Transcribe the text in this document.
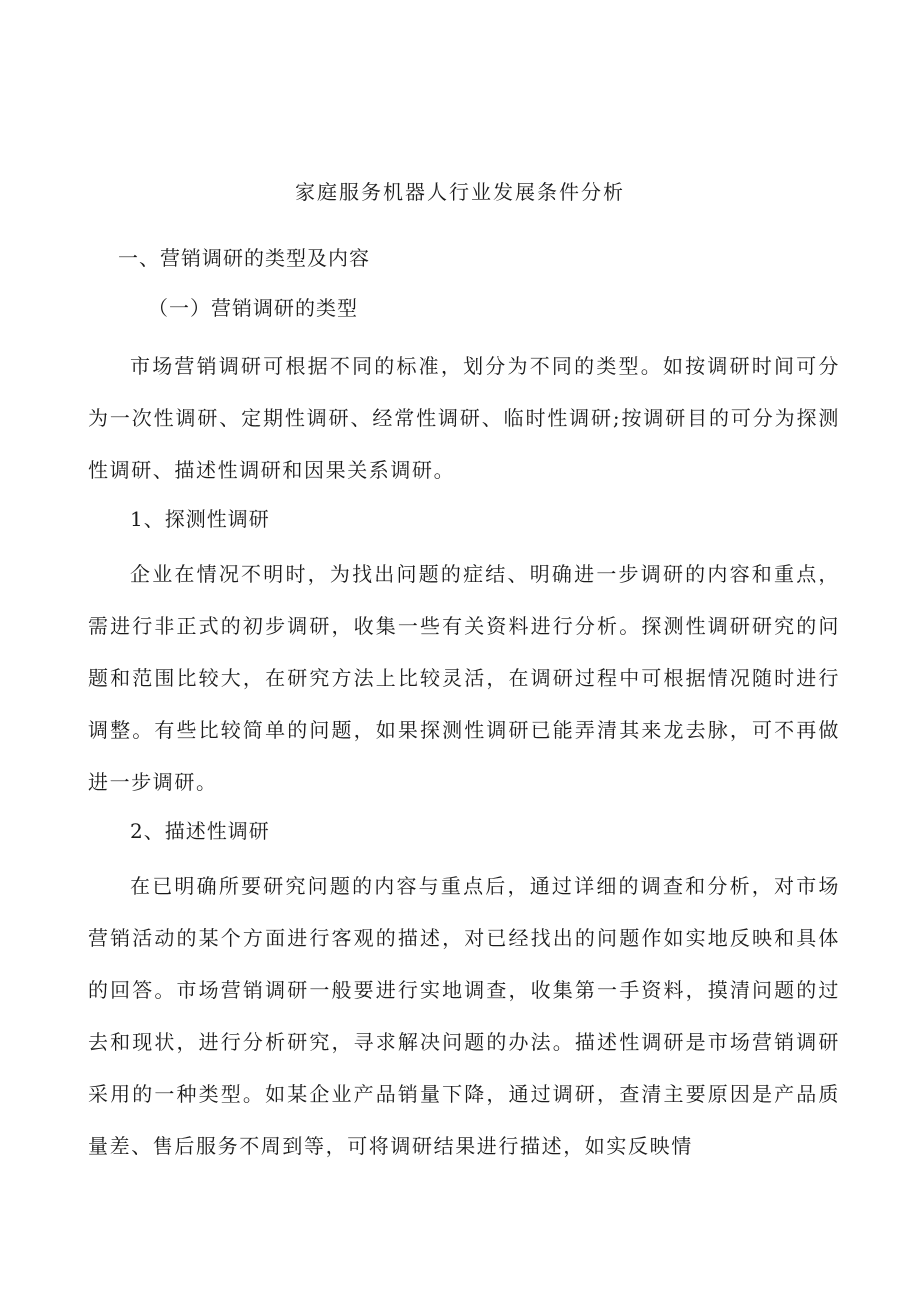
家庭服务机器人行业发展条件分析
一、营销调研的类型及内容
（一）营销调研的类型

市场营销调研可根据不同的标准，划分为不同的类型。如按调研时间可分为一次性调研、定期性调研、经常性调研、临时性调研;按调研目的可分为探测性调研、描述性调研和因果关系调研。

1、探测性调研

企业在情况不明时，为找出问题的症结、明确进一步调研的内容和重点，需进行非正式的初步调研，收集一些有关资料进行分析。探测性调研研究的问题和范围比较大，在研究方法上比较灵活，在调研过程中可根据情况随时进行调整。有些比较简单的问题，如果探测性调研已能弄清其来龙去脉，可不再做进一步调研。

2、描述性调研

在已明确所要研究问题的内容与重点后，通过详细的调查和分析，对市场营销活动的某个方面进行客观的描述，对已经找出的问题作如实地反映和具体的回答。市场营销调研一般要进行实地调查，收集第一手资料，摸清问题的过去和现状，进行分析研究，寻求解决问题的办法。描述性调研是市场营销调研采用的一种类型。如某企业产品销量下降，通过调研，查清主要原因是产品质量差、售后服务不周到等，可将调研结果进行描述，如实反映情
